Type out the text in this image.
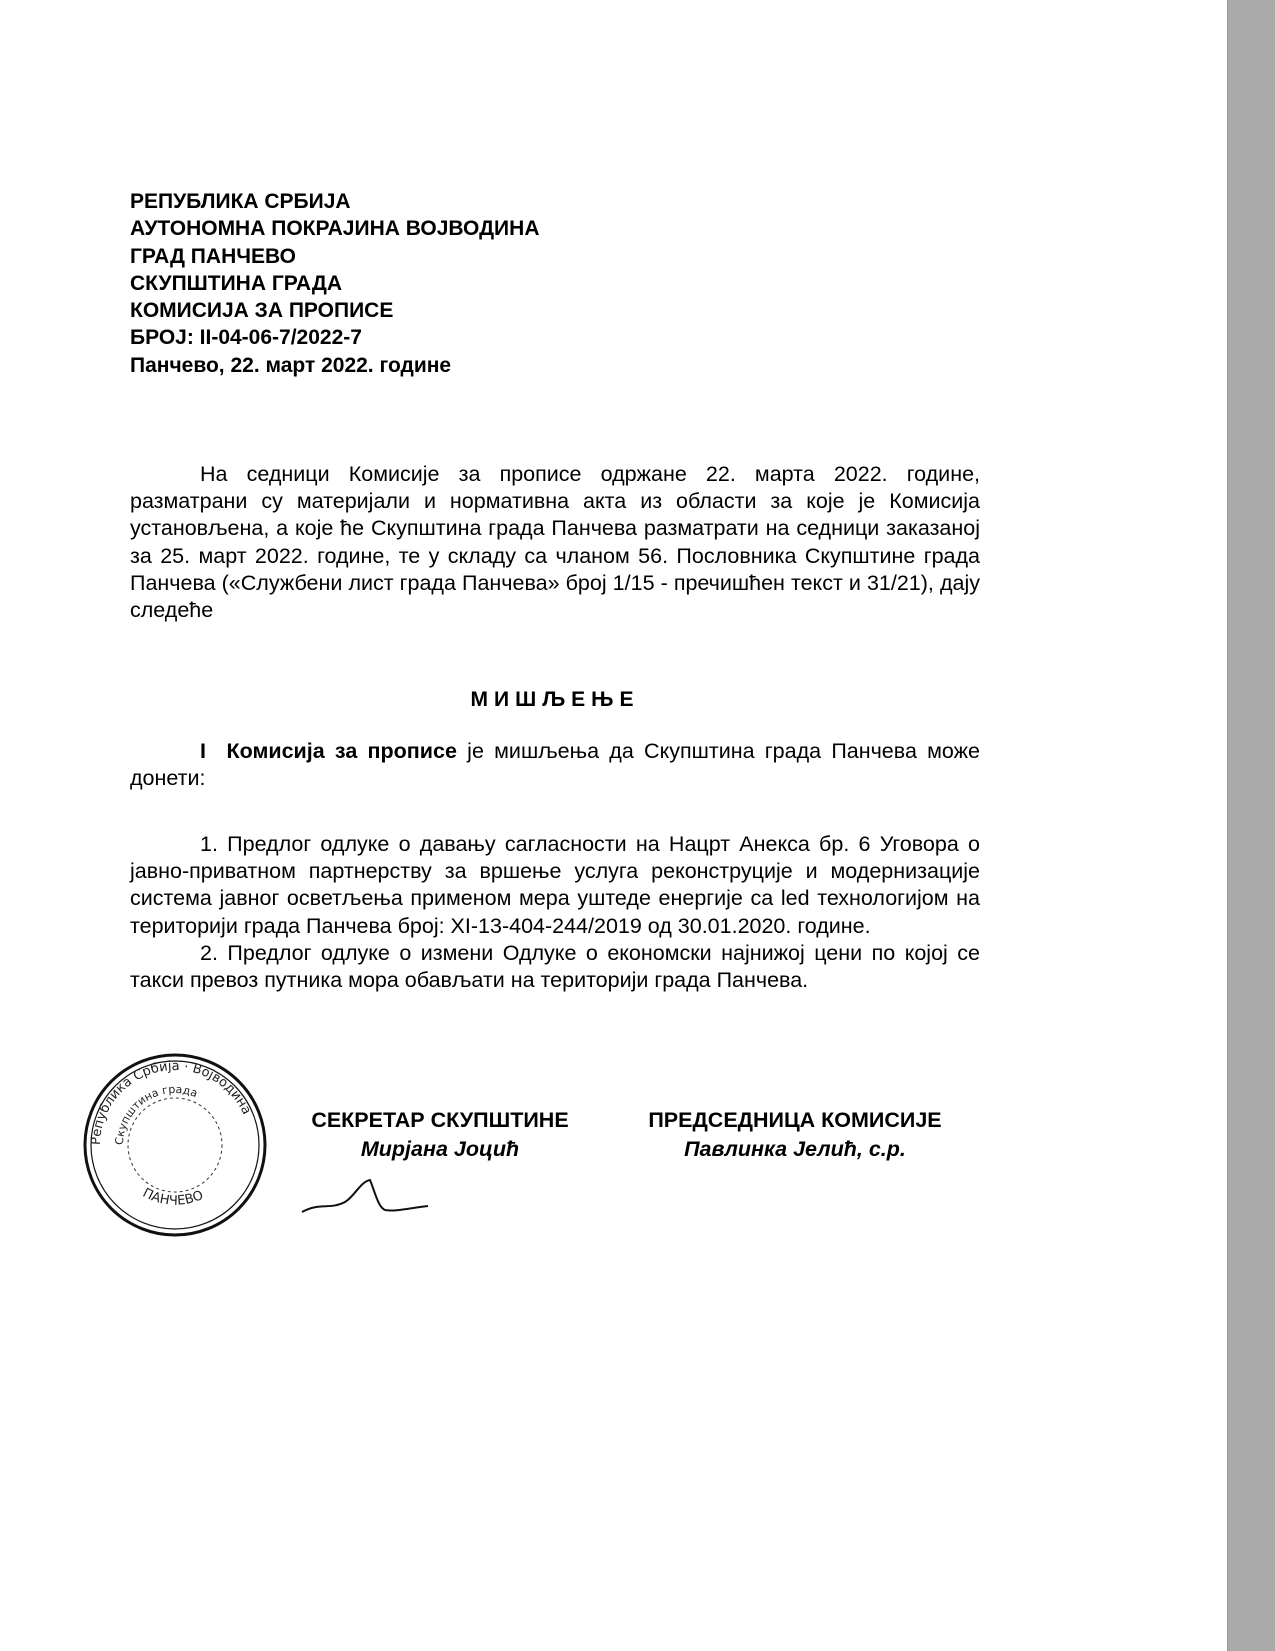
РЕПУБЛИКА СРБИЈА
АУТОНОМНА ПОКРАЈИНА ВОЈВОДИНА
ГРАД ПАНЧЕВО
СКУПШТИНА ГРАДА
КОМИСИЈА ЗА ПРОПИСЕ
БРОЈ: II-04-06-7/2022-7
Панчево, 22. март 2022. године

На седници Комисије за прописе одржане 22. марта 2022. године, разматрани су материјали и нормативна акта из области за које је Комисија установљена, а које ће Скупштина града Панчева разматрати на седници заказаној за 25. март 2022. године, те у складу са чланом 56. Пословника Скупштине града Панчева («Службени лист града Панчева» број 1/15 - пречишћен текст и 31/21), дају следеће

МИШЉЕЊЕ

I Комисија за прописе је мишљења да Скупштина града Панчева може донети:

1. Предлог одлуке о давању сагласности на Нацрт Анекса бр. 6 Уговора о јавно-приватном партнерству за вршење услуга реконструције и модернизације система јавног осветљења применом мера уштеде енергије са led технологијом на територији града Панчева број: XI-13-404-244/2019 од 30.01.2020. године.

2. Предлог одлуке о измени Одлуке о економски најнижој цени по којој се такси превоз путника мора обављати на територији града Панчева.

Република Србија · Војводина
Скупштина града
ПАНЧЕВО
СЕКРЕТАР СКУПШТИНЕ
Мирјана Јоцић
ПРЕДСЕДНИЦА КОМИСИЈЕ
Павлинка Јелић, с.р.
